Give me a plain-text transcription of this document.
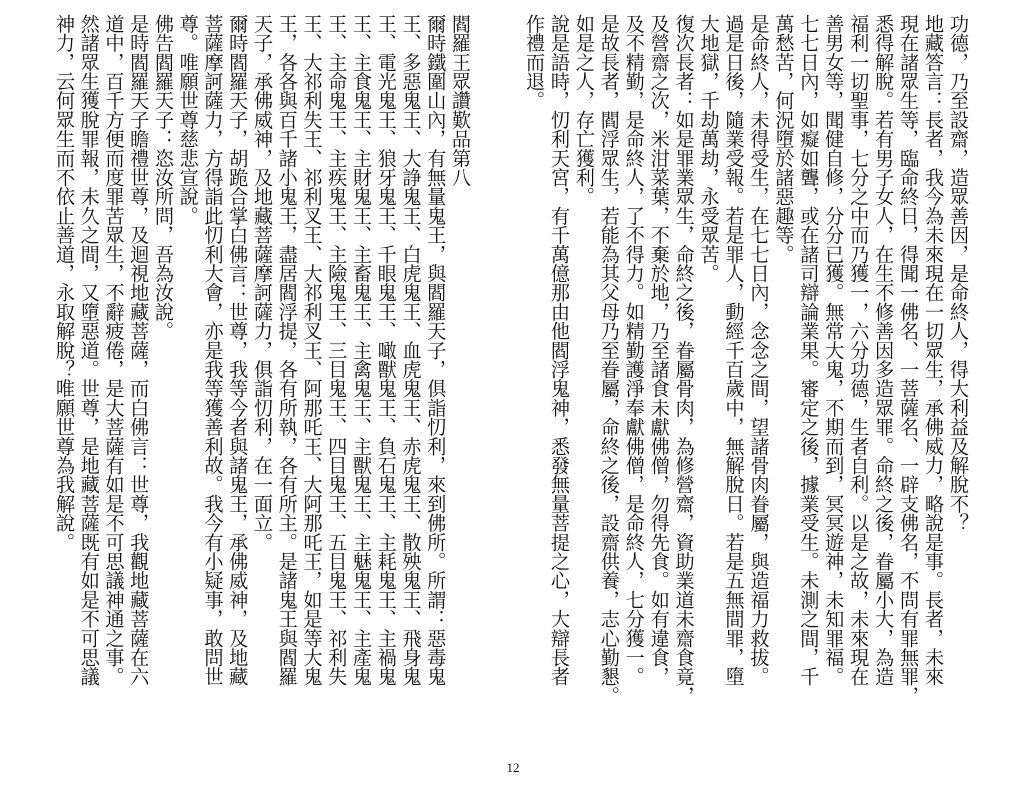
功德，乃至設齋，造眾善因，是命終人，得大利益及解脫不？
地藏答言：長者，我今為未來現在一切眾生，承佛威力，略說是事。長者，未來
現在諸眾生等，臨命終日，得聞一佛名、一菩薩名、一辟支佛名，不問有罪無罪，
悉得解脫。若有男子女人，在生不修善因多造眾罪。命終之後，眷屬小大，為造
福利一切聖事，七分之中而乃獲一，六分功德，生者自利。以是之故，未來現在
善男女等，聞健自修，分分已獲。無常大鬼，不期而到，冥冥遊神，未知罪福。
七七日內，如癡如聾，或在諸司辯論業果。審定之後，據業受生。未測之間，千
萬愁苦，何況墮於諸惡趣等。
是命終人，未得受生，在七七日內，念念之間，望諸骨肉眷屬，與造福力救拔。
過是日後，隨業受報。若是罪人，動經千百歲中，無解脫日。若是五無間罪，墮
大地獄，千劫萬劫，永受眾苦。
復次長者：如是罪業眾生，命終之後，眷屬骨肉，為修營齋，資助業道未齋食竟，
及營齋之次，米泔菜葉，不棄於地，乃至諸食未獻佛僧，勿得先食。如有違食，
及不精勤，是命終人，了不得力。如精勤護淨奉獻佛僧，是命終人，七分獲一。
是故長者，閻浮眾生，若能為其父母乃至眷屬，命終之後，設齋供養，志心勤懇。
如是之人，存亡獲利。
說是語時，忉利天宮，有千萬億那由他閻浮鬼神，悉發無量菩提之心，大辯長者
作禮而退。
閻羅王眾讚歎品第八
爾時鐵圍山內，有無量鬼王，與閻羅天子，俱詣忉利，來到佛所。所謂：惡毒鬼
王、多惡鬼王、大諍鬼王、白虎鬼王、血虎鬼王、赤虎鬼王、散殃鬼王、飛身鬼
王、電光鬼王、狼牙鬼王、千眼鬼王、噉獸鬼王、負石鬼王、主耗鬼王、主禍鬼
王、主食鬼王、主財鬼王、主畜鬼王、主禽鬼王、主獸鬼王、主魅鬼王、主產鬼
王、主命鬼王、主疾鬼王、主險鬼王、三目鬼王、四目鬼王、五目鬼王、祁利失
王、大祁利失王、祁利叉王、大祁利叉王、阿那吒王、大阿那吒王，如是等大鬼
王，各各與百千諸小鬼王，盡居閻浮提，各有所執，各有所主。是諸鬼王與閻羅
天子，承佛威神，及地藏菩薩摩訶薩力，俱詣忉利，在一面立。
爾時閻羅天子，胡跪合掌白佛言：世尊，我等今者與諸鬼王，承佛威神，及地藏
菩薩摩訶薩力，方得詣此忉利大會，亦是我等獲善利故。我今有小疑事，敢問世
尊。唯願世尊慈悲宣說。
佛告閻羅天子：恣汝所問，吾為汝說。
是時閻羅天子瞻禮世尊，及迴視地藏菩薩，而白佛言：世尊，我觀地藏菩薩在六
道中，百千方便而度罪苦眾生，不辭疲倦，是大菩薩有如是不可思議神通之事。
然諸眾生獲脫罪報，未久之間，又墮惡道。世尊，是地藏菩薩既有如是不可思議
神力，云何眾生而不依止善道，永取解脫？唯願世尊為我解說。
12
